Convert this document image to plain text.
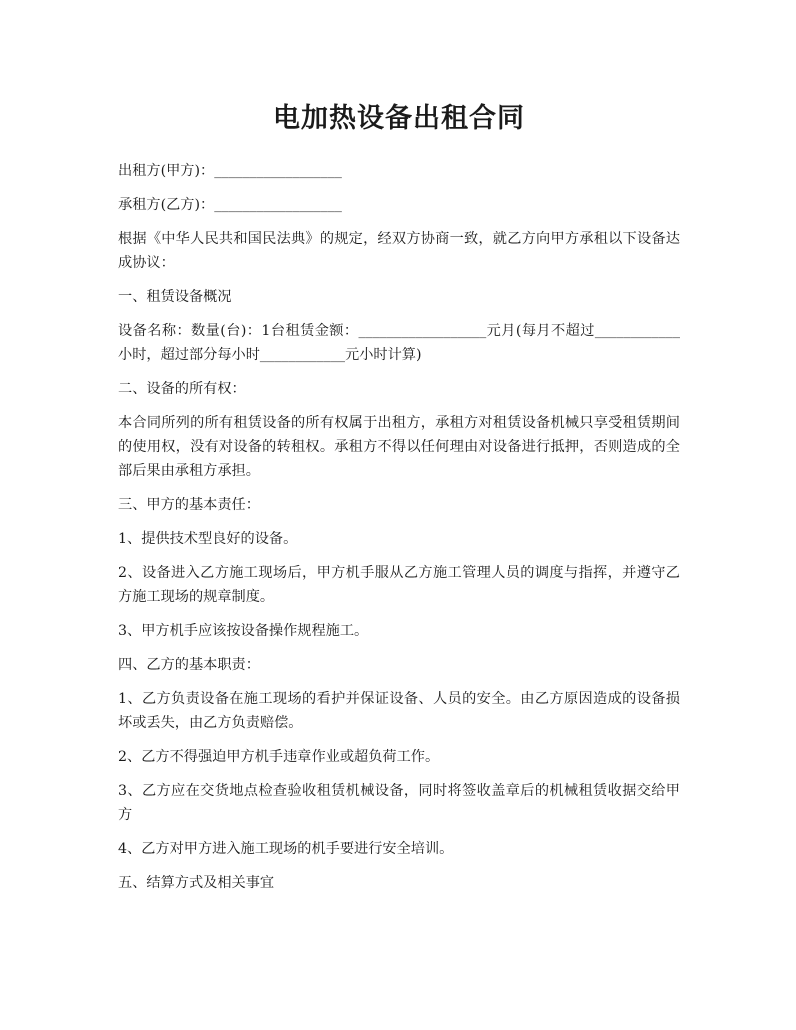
电加热设备出租合同

出租方(甲方)：__________________

承租方(乙方)：__________________

根据《中华人民共和国民法典》的规定，经双方协商一致，就乙方向甲方承租以下设备达成协议：

一、租赁设备概况

设备名称：数量(台)：1台租赁金额：__________________元月(每月不超过____________小时，超过部分每小时____________元小时计算)

二、设备的所有权：

本合同所列的所有租赁设备的所有权属于出租方，承租方对租赁设备机械只享受租赁期间的使用权，没有对设备的转租权。承租方不得以任何理由对设备进行抵押，否则造成的全部后果由承租方承担。

三、甲方的基本责任：

1、提供技术型良好的设备。

2、设备进入乙方施工现场后，甲方机手服从乙方施工管理人员的调度与指挥，并遵守乙方施工现场的规章制度。

3、甲方机手应该按设备操作规程施工。

四、乙方的基本职责：

1、乙方负责设备在施工现场的看护并保证设备、人员的安全。由乙方原因造成的设备损坏或丢失，由乙方负责赔偿。

2、乙方不得强迫甲方机手违章作业或超负荷工作。

3、乙方应在交货地点检查验收租赁机械设备，同时将签收盖章后的机械租赁收据交给甲方

4、乙方对甲方进入施工现场的机手要进行安全培训。

五、结算方式及相关事宜
